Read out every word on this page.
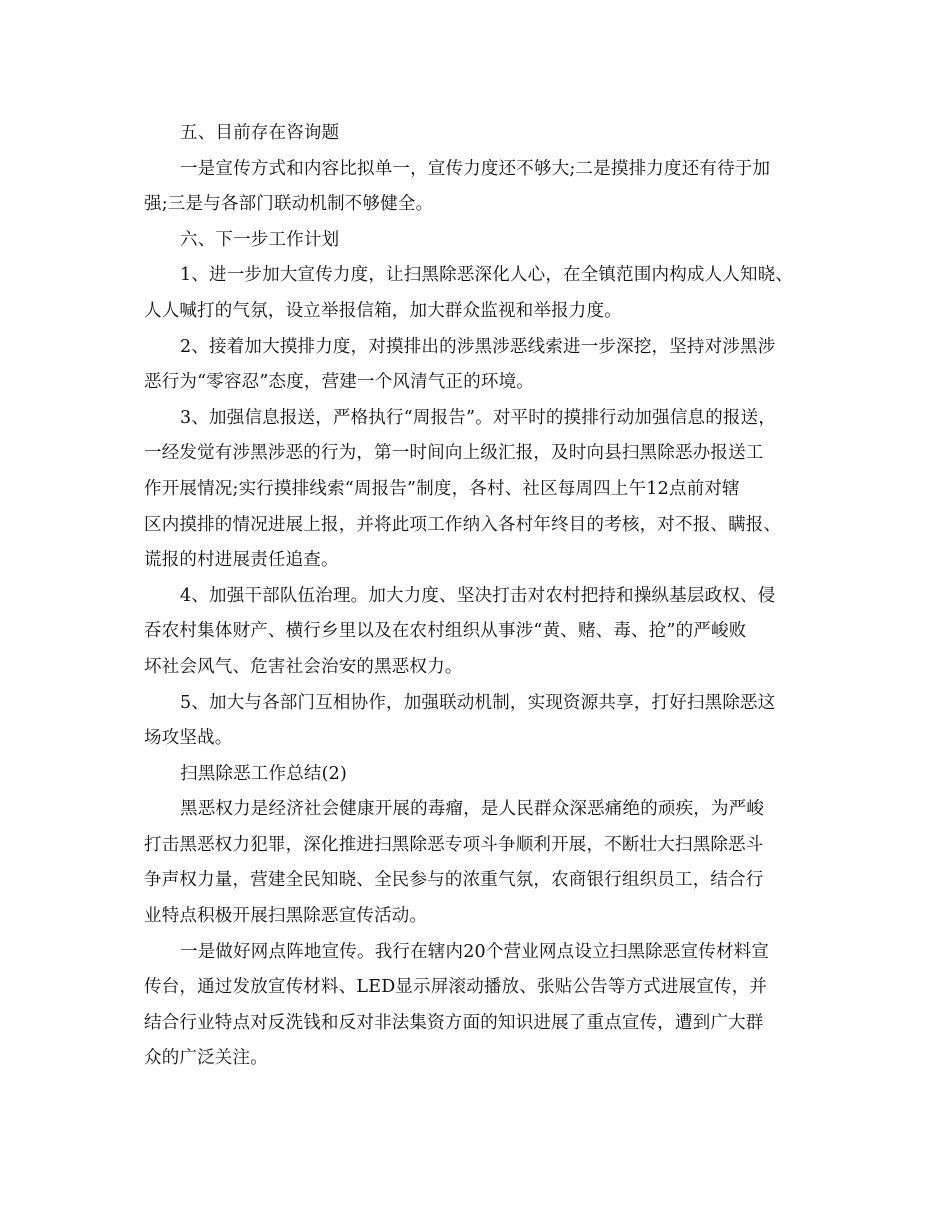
五、目前存在咨询题
一是宣传方式和内容比拟单一，宣传力度还不够大;二是摸排力度还有待于加
强;三是与各部门联动机制不够健全。
六、下一步工作计划
1、进一步加大宣传力度，让扫黑除恶深化人心，在全镇范围内构成人人知晓、
人人喊打的气氛，设立举报信箱，加大群众监视和举报力度。
2、接着加大摸排力度，对摸排出的涉黑涉恶线索进一步深挖，坚持对涉黑涉
恶行为“零容忍”态度，营建一个风清气正的环境。
3、加强信息报送，严格执行“周报告”。对平时的摸排行动加强信息的报送，
一经发觉有涉黑涉恶的行为，第一时间向上级汇报，及时向县扫黑除恶办报送工
作开展情况;实行摸排线索“周报告”制度，各村、社区每周四上午12点前对辖
区内摸排的情况进展上报，并将此项工作纳入各村年终目的考核，对不报、瞒报、
谎报的村进展责任追查。
4、加强干部队伍治理。加大力度、坚决打击对农村把持和操纵基层政权、侵
吞农村集体财产、横行乡里以及在农村组织从事涉“黄、赌、毒、抢”的严峻败
坏社会风气、危害社会治安的黑恶权力。
5、加大与各部门互相协作，加强联动机制，实现资源共享，打好扫黑除恶这
场攻坚战。
扫黑除恶工作总结(2)
黑恶权力是经济社会健康开展的毒瘤，是人民群众深恶痛绝的顽疾，为严峻
打击黑恶权力犯罪，深化推进扫黑除恶专项斗争顺利开展，不断壮大扫黑除恶斗
争声权力量，营建全民知晓、全民参与的浓重气氛，农商银行组织员工，结合行
业特点积极开展扫黑除恶宣传活动。
一是做好网点阵地宣传。我行在辖内20个营业网点设立扫黑除恶宣传材料宣
传台，通过发放宣传材料、LED显示屏滚动播放、张贴公告等方式进展宣传，并
结合行业特点对反洗钱和反对非法集资方面的知识进展了重点宣传，遭到广大群
众的广泛关注。
